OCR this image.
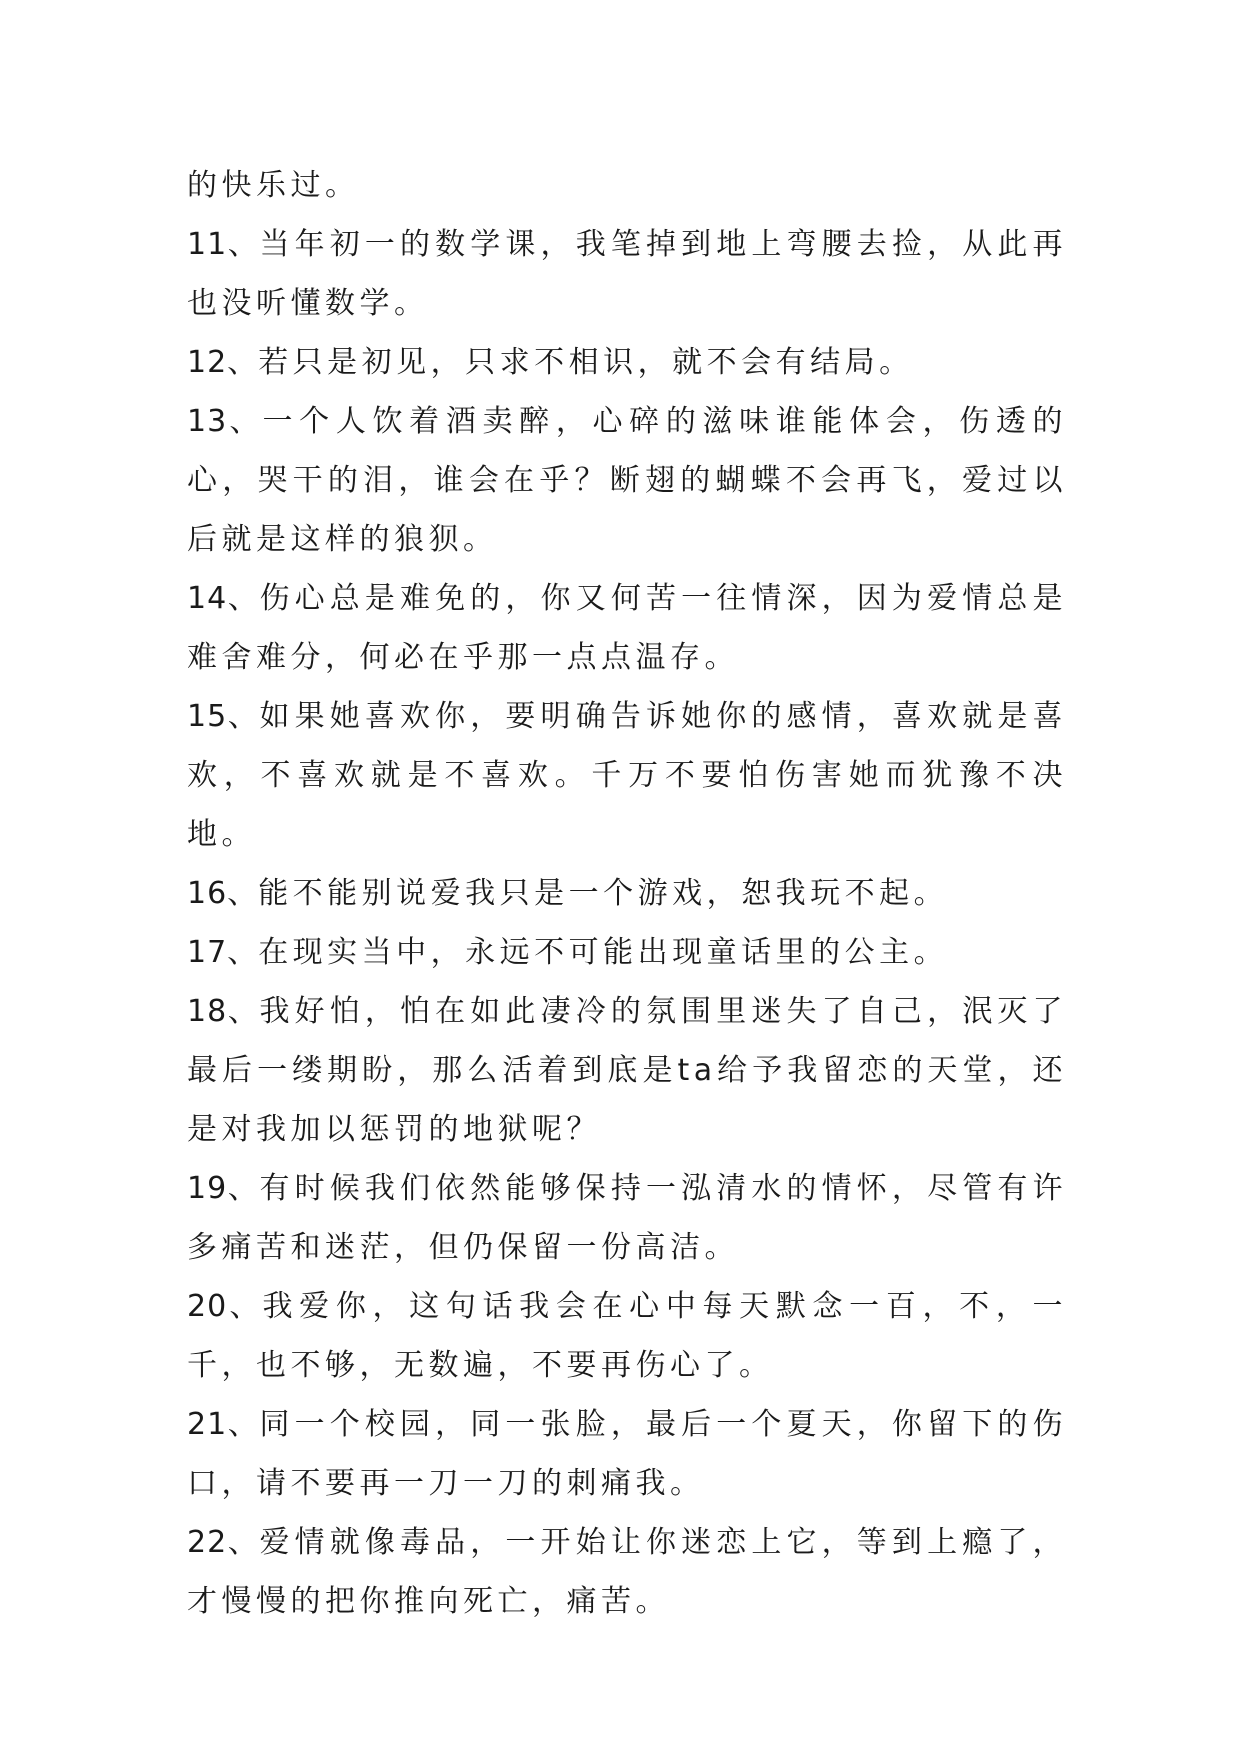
的快乐过。

11、当年初一的数学课，我笔掉到地上弯腰去捡，从此再也没听懂数学。

12、若只是初见，只求不相识，就不会有结局。

13、一个人饮着酒卖醉，心碎的滋味谁能体会，伤透的心，哭干的泪，谁会在乎？断翅的蝴蝶不会再飞，爱过以后就是这样的狼狈。

14、伤心总是难免的，你又何苦一往情深，因为爱情总是难舍难分，何必在乎那一点点温存。

15、如果她喜欢你，要明确告诉她你的感情，喜欢就是喜欢，不喜欢就是不喜欢。千万不要怕伤害她而犹豫不决地。

16、能不能别说爱我只是一个游戏，恕我玩不起。

17、在现实当中，永远不可能出现童话里的公主。

18、我好怕，怕在如此凄冷的氛围里迷失了自己，泯灭了最后一缕期盼，那么活着到底是ta给予我留恋的天堂，还是对我加以惩罚的地狱呢？

19、有时候我们依然能够保持一泓清水的情怀，尽管有许多痛苦和迷茫，但仍保留一份高洁。

20、我爱你，这句话我会在心中每天默念一百，不，一千，也不够，无数遍，不要再伤心了。

21、同一个校园，同一张脸，最后一个夏天，你留下的伤口，请不要再一刀一刀的刺痛我。

22、爱情就像毒品，一开始让你迷恋上它，等到上瘾了，才慢慢的把你推向死亡，痛苦。
